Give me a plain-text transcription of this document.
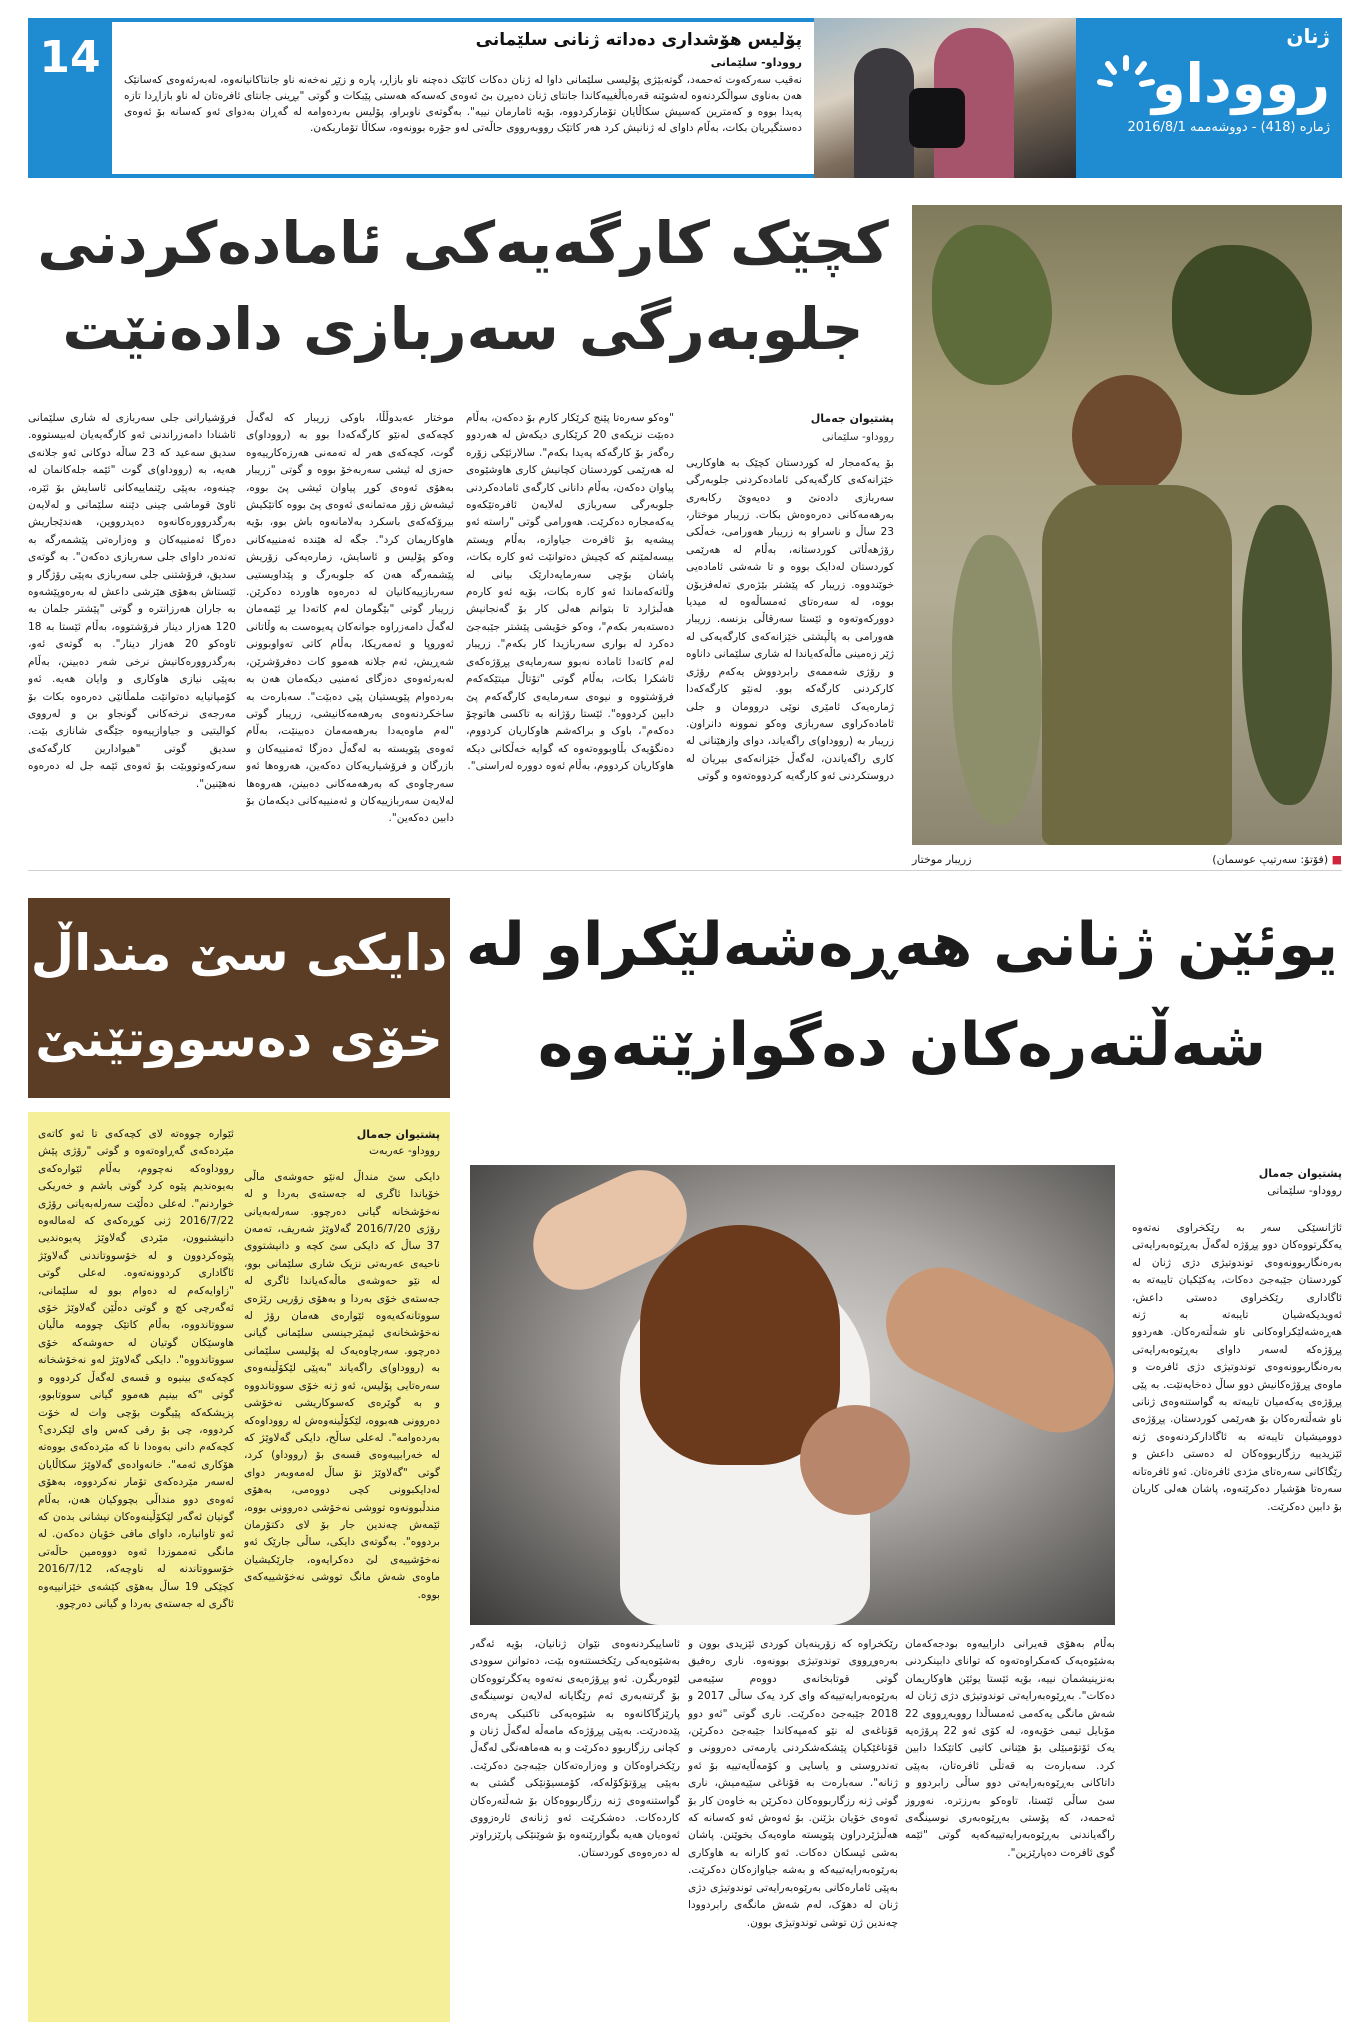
14	پۆلیس هۆشداری دەداتە ژنانی سلێمانی
رووداو- سلێمانی
نەقیب سەرکەوت ئەحمەد، گوتەبێژی پۆلیسی سلێمانی داوا لە ژنان دەکات کاتێک دەچنە ناو بازاڕ، پارە و زێڕ نەخەنە ناو جانتاکانیانەوە، لەبەرئەوەی کەسانێک هەن بەناوی سواڵکردنەوە لەشوێنە قەرەباڵغییەکاندا جانتای ژنان دەبڕن بێ ئەوەی کەسەکە هەستی پێبکات و گوتی "بڕینی جانتای ئافرەتان لە ناو بازاڕدا تازە پەیدا بووە و کەمترین کەسیش سکاڵایان تۆمارکردووە، بۆیە ئامارمان نییە". بەگوتەی ناوبراو، پۆلیس بەردەوامە لە گەڕان بەدوای ئەو کەسانە بۆ ئەوەی دەستگیریان بکات، بەڵام داوای لە ژنانیش کرد هەر کاتێک رووبەرووی حاڵەتی لەو جۆرە بوونەوە، سکاڵا تۆماربکەن.
ژنان
رووداو
ژمارە (418) - دووشەممە 2016/8/1
کچێک کارگەیەکی ئامادەکردنی
جلوبەرگی سەربازی دادەنێت
■ (فۆتۆ: سەرتیپ عوسمان)
زریبار موختار
پشتیوان جەمال
رووداو- سلێمانی
بۆ یەکەمجار لە کوردستان کچێک بە هاوکاریی خێزانەکەی کارگەیەکی ئامادەکردنی جلوبەرگی سەربازی دادەنێ و دەیەوێ رکابەری بەرهەمەکانی دەرەوەش بکات. زریبار موختار، 23 ساڵ و ناسراو بە زریبار هەورامی، خەڵکی رۆژهەڵاتی کوردستانە، بەڵام لە هەرێمی کوردستان لەدایک بووە و تا شەشی ئامادەیی خوێندووە. زریبار کە پێشتر بێژەری تەلەفزیۆن بووە، لە سەرەتای ئەمساڵەوە لە میدیا دوورکەوتەوە و ئێستا سەرقاڵی بزنسە. زریبار هەورامی بە پاڵپشتی خێزانەکەی کارگەیەکی لە ژێر زەمینی ماڵەکەیاندا لە شاری سلێمانی داناوە و رۆژی شەممەی رابردووش یەکەم رۆژی کارکردنی کارگەکە بوو. لەنێو کارگەکەدا ژمارەیەک ئامێری نوێی دروومان و جلی ئامادەکراوی سەربازی وەکو نموونە دانراون. زریبار بە (رووداو)ی راگەیاند، دوای وازهێنانی لە کاری راگەیاندن، لەگەڵ خێزانەکەی بیریان لە دروستکردنی ئەو کارگەیە کردووەتەوە و گوتی
"وەکو سەرەتا پێنج کرێکار کارم بۆ دەکەن، بەڵام دەبێت نزیکەی 20 کرێکاری دیکەش لە هەردوو رەگەز بۆ کارگەکە پەیدا بکەم". سالارئێکی زۆرە لە هەرێمی کوردستان کچانیش کاری هاوشێوەی پیاوان دەکەن، بەڵام دانانی کارگەی ئامادەکردنی جلوبەرگی سەربازی لەلایەن ئافرەتێکەوە یەکەمجارە دەکرێت. هەورامی گوتی "راستە ئەو پیشەیە بۆ ئافرەت جیاوازە، بەڵام ویستم بیسەلمێنم کە کچیش دەتوانێت ئەو کارە بکات، پاشان بۆچی سەرمایەدارێک بیانی لە وڵاتەکەماندا ئەو کارە بکات، بۆیە ئەو کارەم هەڵبژارد تا بتوانم هەلی کار بۆ گەنجانیش دەستەبەر بکەم"، وەکو خۆیشی پێشتر جێبەجێ دەکرد لە بواری سەربازیدا کار بکەم". زریبار لەم کاتەدا ئامادە نەبوو سەرمایەی پڕۆژەکەی ئاشکرا بکات، بەڵام گوتی "تۆتاڵ میتێکەکەم فرۆشتووە و نیوەی سەرمایەی کارگەکەم پێ دابین کردووە". ئێستا رۆژانە بە تاکسی هاتوچۆ دەکەم"، باوک و براکەشم هاوکاریان کردووم، دەنگۆیەک بڵاوبووەتەوە کە گوایە خەڵکانی دیکە هاوکاریان کردووم، بەڵام ئەوە دوورە لەراستی".
موختار عەبدوڵڵا، باوکی زریبار کە لەگەڵ کچەکەی لەنێو کارگەکەدا بوو بە (رووداو)ی گوت، کچەکەی هەر لە تەمەنی هەرزەکارییەوە حەزی لە ئیشی سەربەخۆ بووە و گوتی "زریبار بەهۆی ئەوەی کوڕ پیاوان ئیشی پێ بووە، ئیشەش زۆر مەتمانەی ئەوەی پێ بووە کاتێکیش بیرۆکەکەی باسکرد بەلامانەوە باش بوو، بۆیە هاوکاریمان کرد". جگە لە هێندە ئەمنییەکانی وەکو پۆلیس و ئاسایش، زمارەیەکی زۆریش پێشمەرگە هەن کە جلوبەرگ و پێداویستیی سەربازییەکانیان لە دەرەوە هاوردە دەکرێن. زریبار گوتی "بێگومان لەم کاتەدا بڕ ئێمەمان لەگەڵ دامەزراوە جوانەکان پەیوەست بە وڵاتانی ئەوروپا و ئەمەریکا، بەڵام کاتی تەواوبوونی شەڕیش، ئەم جلانە هەموو کات دەفرۆشرێن، لەبەرئەوەی دەزگای ئەمنیی دیکەمان هەن بە بەردەوام پێویستیان پێی دەبێت". سەبارەت بە ساخکردنەوەی بەرهەمەکانیشی، زریبار گوتی "لەم ماوەیەدا بەرهەمەمان دەبینێت، بەڵام ئەوەی پێویستە بە لەگەڵ دەزگا ئەمنییەکان و بازرگان و فرۆشیاریەکان دەکەین، هەروەها ئەو سەرچاوەی کە بەرهەمەکانی دەبینن، هەروەها لەلایەن سەربازییەکان و ئەمنییەکانی دیکەمان بۆ دابین دەکەین".
فرۆشیارانی جلی سەربازی لە شاری سلێمانی ئاشنادا دامەزراندنی ئەو کارگەیەیان لەبیستووە. سدیق سەعید کە 23 ساڵە دوکانی ئەو جلانەی هەیە، بە (رووداو)ی گوت "ئێمە جلەکانمان لە چینەوە، بەپێی رێنماییەکانی ئاسایش بۆ ئێرە، ئاوێ قوماشی چینی دێننە سلێمانی و لەلایەن بەرگدروورەکانەوە دەیدرووین، هەندێجاریش دەرگا ئەمنییەکان و وەزارەتی پێشمەرگە بە تەندەر داوای جلی سەربازی دەکەن". بە گوتەی سدیق، فرۆشتنی جلی سەربازی بەپێی رۆژگار و ئێستاش بەهۆی هێرشی داعش لە بەرەوپێشەوە بە جاران هەرزانترە و گوتی "پێشتر جلمان بە 120 هەزار دینار فرۆشتووە، بەڵام ئێستا بە 18 تاوەکو 20 هەزار دینار". بە گوتەی ئەو، بەرگدروورەکانیش نرخی شەر دەبینن، بەڵام بەپێی نیازی هاوکاری و وایان هەیە. ئەو کۆمپانیایە دەتوانێت ملمڵانێی دەرەوە بکات بۆ مەرجەی نرخەکانی گونجاو بن و لەرووی کوالیتیی و جیاوازییەوە جێگەی شانازی بێت. سدیق گوتی "هیوادارین کارگەکەی سەرکەوتووبێت بۆ ئەوەی ئێمە جل لە دەرەوە نەهێنین".
یوئێن ژنانی هەڕەشەلێکراو لە
شەڵتەرەکان دەگوازێتەوە
پشتیوان جەمال
رووداو- سلێمانی
ئاژانسێکی سەر بە رێکخراوی نەتەوە یەکگرتووەکان دوو پڕۆژە لەگەڵ بەڕێوەبەرایەتی بەرەنگاربوونەوەی توندوتیژی دژی ژنان لە کوردستان جێبەجێ دەکات، یەکێکیان تایبەتە بە ئاگاداری رێکخراوی دەستی داعش، ئەویدیکەشیان تایبەتە بە ژنە هەڕەشەلێکراوەکانی ناو شەڵتەرەکان. هەردوو پڕۆژەکە لەسەر داوای بەڕێوەبەرایەتی بەرەنگاربوونەوەی توندوتیژی دژی ئافرەت و ماوەی پڕۆژەکانیش دوو ساڵ دەخایەنێت. بە پێی پڕۆژەی یەکەمیان تایبەتە بە گواستنەوەی ژنانی ناو شەڵتەرەکان بۆ هەرێمی کوردستان. پڕۆژەی دوومیشیان تایبەتە بە ئاگادارکردنەوەی ژنە ئێزیدییە رزگاربووەکان لە دەستی داعش و رێگاکانی سەرەتای مژدی ئافرەتان. ئەو ئافرەتانە سەرەتا هۆشیار دەکرێنەوە، پاشان هەلی کاریان بۆ دابین دەکرێت.
بەڵام بەهۆی قەیرانی داراییەوە بودجەکەمان بەشێوەیەک کەمکراوەتەوە کە توانای دابینکردنی بەنزینیشمان نییە، بۆیە ئێستا یوئێن هاوکاریمان دەکات". بەڕێوەبەرایەتی توندوتیژی دژی ژنان لە شەش مانگی یەکەمی ئەمساڵدا رووبەڕووی 22 مۆبایل تیمی خۆیەوە، لە کۆی ئەو 22 پرۆژەیە یەک ئۆتۆمبێلی بۆ هێنانی کاتیی کاتێکدا دابین کرد. سەبارەت بە قەتڵی ئافرەتان، بەپێی داتاکانی بەڕێوەبەرایەتی دوو ساڵی رابردوو و سێ ساڵی ئێستا، تاوەکو بەرزترە. نەوروز ئەحمەد، کە پۆستی بەڕێوەبەری نوسینگەی راگەیاندنی بەڕێوەبەرایەتییەکەیە گوتی "ئێمە گوی ئافرەت دەپارێزین".
رێکخراوە کە زۆرینەیان کوردی ئێزیدی بوون و بەرەوڕووی توندوتیژی بوونەوە. ناری رەفیق گوتی قوتابخانەی دووەم سێیەمی بەرێوەبەرایەتییەکە وای کرد یەک ساڵی 2017 و 2018 جێبەجێ دەکرێت. ناری گوتی "ئەو دوو قۆناغەی لە نێو کەمپەکاندا جێبەجێ دەکرێن، قۆناغێکیان پێشکەشکردنی یارمەتی دەروونی و تەندروستی و یاسایی و کۆمەڵایەتییە بۆ ئەو ژنانە". سەبارەت بە قۆناغی سێیەمیش، ناری گوتی ژنە رزگاربووەکان دەکرێن بە خاوەن کار بۆ ئەوەی خۆیان بژێنن. بۆ ئەوەش ئەو کەسانە کە هەڵبژێردراون پێویستە ماوەیەک بخوێنن. پاشان بەشی ئیسکان دەکات. ئەو کارانە بە هاوکاری بەرێوەبەرایەتییەکە و بەشە جیاوازەکان دەکرێت. بەپێی ئامارەکانی بەرێوەبەرایەتی توندوتیژی دژی ژنان لە دهۆک، لەم شەش مانگەی رابردوودا چەندین ژن توشی توندوتیژی بوون.
ئاساییکردنەوەی نێوان ژنانیان، بۆیە ئەگەر بەشێوەیەکی رێکخستنەوە بێت، دەتوانن سوودی لێوەربگرن. ئەو پڕۆژەیەی نەتەوە یەکگرتووەکان بۆ گرتنەبەری ئەم رێگایانە لەلایەن نوسینگەی پارێزگاکانەوە بە شێوەیەکی تاکتیکی پەرەی پێدەدرێت. بەپێی پڕۆژەکە مامەڵە لەگەڵ ژنان و کچانی رزگاربوو دەکرێت و بە هەماهەنگی لەگەڵ رێکخراوەکان و وەزارەتەکان جێبەجێ دەکرێت. بەپێی پڕۆتۆکۆلەکە، کۆمسیۆنێکی گشتی بە گواستنەوەی ژنە رزگاربووەکان بۆ شەڵتەرەکان کاردەکات. دەشکرێت ئەو ژنانەی ئارەزووی ئەوەیان هەیە بگوازرێنەوە بۆ شوێنێکی پارێزراوتر لە دەرەوەی کوردستان.
دایکی سێ منداڵ
خۆی دەسووتێنێ
پشتیوان جەمال
رووداو- عەربەت
دایکی سێ منداڵ لەنێو حەوشەی ماڵی خۆیاندا ئاگری لە جەستەی بەردا و لە نەخۆشخانە گیانی دەرچوو. سەرلەبەیانی رۆژی 2016/7/20 گەلاوێژ شەریف، تەمەن 37 ساڵ کە دایکی سێ کچە و دانیشتووی ناحیەی عەربەتی نزیک شاری سلێمانی بوو، لە نێو حەوشەی ماڵەکەیاندا ئاگری لە جەستەی خۆی بەردا و بەهۆی زۆریی رێژەی سووتانەکەیەوە ئێوارەی هەمان رۆژ لە نەخۆشخانەی ئیمێرجینسی سلێمانی گیانی دەرچوو. سەرچاوەیەک لە پۆلیسی سلێمانی بە (رووداو)ی راگەیاند "بەپێی لێکۆڵینەوەی سەرەتایی پۆلیس، ئەو ژنە خۆی سووتاندووە و بە گوێرەی کەسوکاریشی نەخۆشی دەروونی هەبووە، لێکۆڵینەوەش لە رووداوەکە بەردەوامە". لەعلی ساڵح، دایکی گەلاوێژ کە لە خەرابییەوەی قسەی بۆ (رووداو) کرد، گوتی "گەلاوێژ نۆ ساڵ لەمەوبەر دوای لەدایکبوونی کچی دووەمی، بەهۆی مندڵبوونەوە تووشی نەخۆشی دەروونی بووە، ئێمەش چەندین جار بۆ لای دکتۆرمان بردووە". بەگوتەی دایکی، ساڵی جارێک ئەو نەخۆشییەی لێ دەکرایەوە، جارێکیشیان ماوەی شەش مانگ تووشی نەخۆشییەکەی بووە.
ئێوارە چووەتە لای کچەکەی تا ئەو کاتەی مێردەکەی گەڕاوەتەوە و گوتی "رۆژی پێش رووداوەکە نەچووم، بەڵام ئێوارەکەی بەیوەندیم پێوە کرد گوتی باشم و خەریکی خواردنم". لەعلی دەڵێت سەرلەبەیانی رۆژی 2016/7/22 ژنی کوڕەکەی کە لەمالەوە دانیشتبوون، مێردی گەلاوێژ پەیوەندیی پێوەکردوون و لە خۆسووتاندنی گەلاوێژ ئاگاداری کردوونەتەوە. لەعلی گوتی "زاوایەکەم لە دەوام بوو لە سلێمانی، ئەگەرچی کچ و گوتی دەڵێن گەلاوێژ خۆی سووتاندووە، بەڵام کاتێک چوومە ماڵیان هاوسێکان گوتیان لە حەوشەکە خۆی سووتاندووە". دایکی گەلاوێژ لەو نەخۆشخانە کچەکەی بینیوە و قسەی لەگەڵ کردووە و گوتی "کە بینیم هەموو گیانی سووتابوو، پزیشکەکە پێیگوت بۆچی وات لە خۆت کردووە، چی بۆ رقی کەس وای لێکردی؟ کچەکەم دانی بەوەدا نا کە مێردەکەی بووەتە هۆکاری ئەمە". خانەوادەی گەلاوێژ سکاڵایان لەسەر مێردەکەی تۆمار نەکردووە، بەهۆی ئەوەی دوو منداڵی بچووکیان هەن، بەڵام گوتیان ئەگەر لێکۆڵینەوەکان نیشانی بدەن کە ئەو تاوانبارە، داوای مافی خۆیان دەکەن. لە مانگی تەمموزدا ئەوە دووەمین حاڵەتی خۆسووتاندنە لە ناوچەکە، 2016/7/12 کچێکی 19 ساڵ بەهۆی کێشەی خێزانییەوە ئاگری لە جەستەی بەردا و گیانی دەرچوو.
